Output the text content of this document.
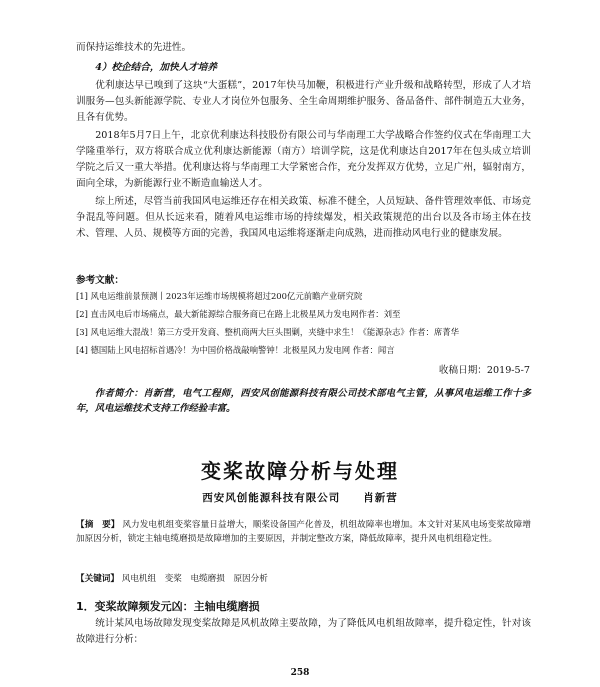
而保持运维技术的先进性。

4）校企结合，加快人才培养

优利康达早已嗅到了这块“大蛋糕”，2017年快马加鞭，积极进行产业升级和战略转型，形成了人才培训服务—包头新能源学院、专业人才岗位外包服务、全生命周期维护服务、备品备件、部件制造五大业务，且各有优势。

2018年5月7日上午，北京优利康达科技股份有限公司与华南理工大学战略合作签约仪式在华南理工大学隆重举行，双方将联合成立优利康达新能源（南方）培训学院，这是优利康达自2017年在包头成立培训学院之后又一重大举措。优利康达将与华南理工大学紧密合作，充分发挥双方优势，立足广州，辐射南方，面向全球，为新能源行业不断造血输送人才。

综上所述，尽管当前我国风电运维还存在相关政策、标准不健全，人员短缺、备件管理效率低、市场竞争混乱等问题。但从长远来看，随着风电运维市场的持续爆发，相关政策规范的出台以及各市场主体在技术、管理、人员、规模等方面的完善，我国风电运维将逐渐走向成熟，进而推动风电行业的健康发展。

参考文献：

[1] 风电运维前景预测丨2023年运维市场规模将超过200亿元前瞻产业研究院
[2] 直击风电后市场痛点，最大新能源综合服务商已在路上北极星风力发电网作者：刘至
[3] 风电运维大混战！第三方受开发商、整机商两大巨头围剿，夹缝中求生！《能源杂志》作者：席菁华
[4] 德国陆上风电招标首遇冷！为中国价格战敲响警钟！北极星风力发电网 作者：闻言
收稿日期：2019-5-7

作者简介：肖新营，电气工程师，西安风创能源科技有限公司技术部电气主管，从事风电运维工作十多年，风电运维技术支持工作经验丰富。

变桨故障分析与处理
西安风创能源科技有限公司　　肖新营

【摘　要】 风力发电机组变桨容量日益增大，顺桨设备国产化普及，机组故障率也增加。本文针对某风电场变桨故障增加原因分析，锁定主轴电缆磨损是故障增加的主要原因，并制定整改方案，降低故障率，提升风电机组稳定性。

【关键词】 风电机组　变桨　电缆磨损　原因分析

1．变桨故障频发元凶：主轴电缆磨损

统计某风电场故障发现变桨故障是风机故障主要故障，为了降低风电机组故障率，提升稳定性，针对该故障进行分析：

258
